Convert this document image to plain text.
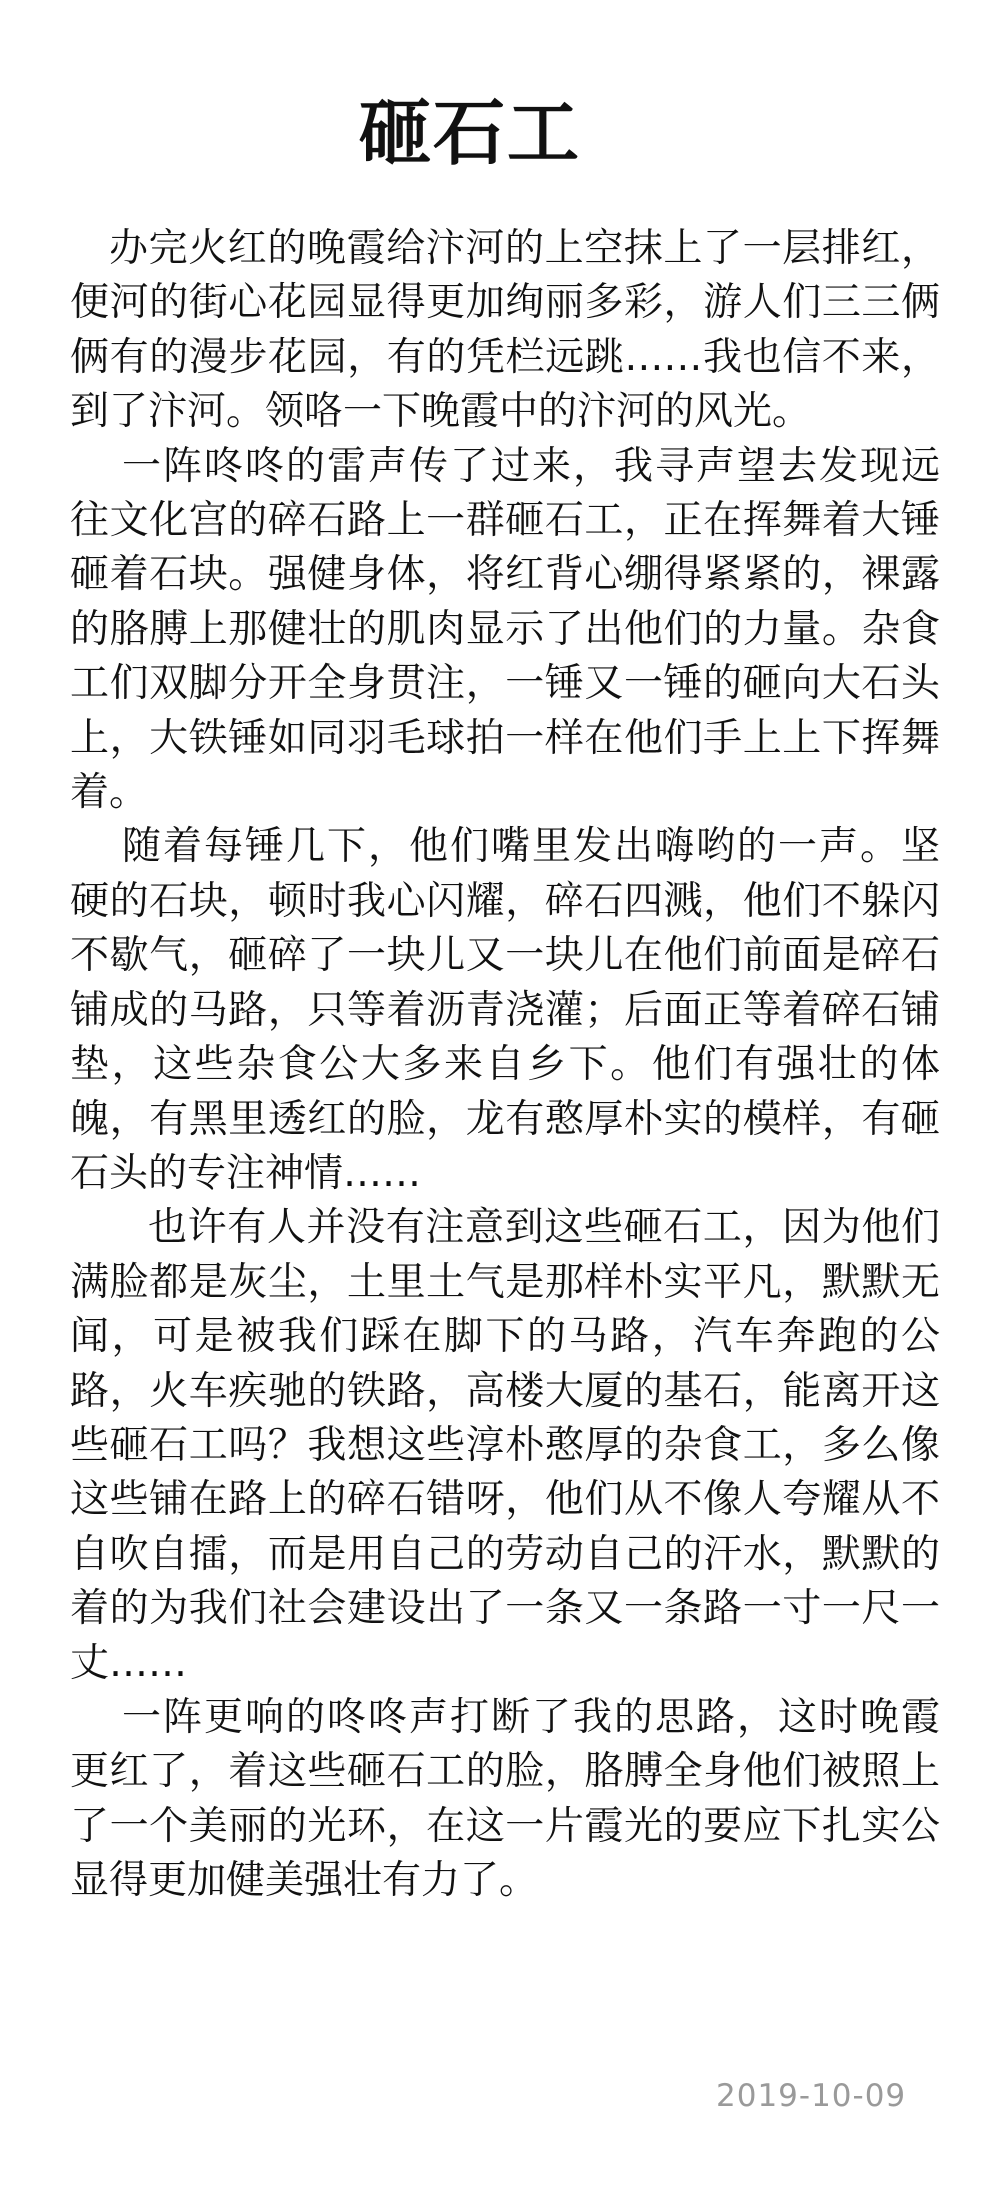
砸石工

办完火红的晚霞给汴河的上空抹上了一层排红，便河的街心花园显得更加绚丽多彩，游人们三三俩俩有的漫步花园，有的凭栏远跳……我也信不来，到了汴河。领咯一下晚霞中的汴河的风光。

一阵咚咚的雷声传了过来，我寻声望去发现远往文化宫的碎石路上一群砸石工，正在挥舞着大锤砸着石块。强健身体，将红背心绷得紧紧的，裸露的胳膊上那健壮的肌肉显示了出他们的力量。杂食工们双脚分开全身贯注，一锤又一锤的砸向大石头上，大铁锤如同羽毛球拍一样在他们手上上下挥舞着。

随着每锤几下，他们嘴里发出嗨哟的一声。坚硬的石块，顿时我心闪耀，碎石四溅，他们不躲闪不歇气，砸碎了一块儿又一块儿在他们前面是碎石铺成的马路，只等着沥青浇灌；后面正等着碎石铺垫，这些杂食公大多来自乡下。他们有强壮的体魄，有黑里透红的脸，龙有憨厚朴实的模样，有砸石头的专注神情……

也许有人并没有注意到这些砸石工，因为他们满脸都是灰尘，土里土气是那样朴实平凡，默默无闻，可是被我们踩在脚下的马路，汽车奔跑的公路，火车疾驰的铁路，高楼大厦的基石，能离开这些砸石工吗？我想这些淳朴憨厚的杂食工，多么像这些铺在路上的碎石错呀，他们从不像人夸耀从不自吹自擂，而是用自己的劳动自己的汗水，默默的着的为我们社会建设出了一条又一条路一寸一尺一丈……

一阵更响的咚咚声打断了我的思路，这时晚霞更红了，着这些砸石工的脸，胳膊全身他们被照上了一个美丽的光环，在这一片霞光的要应下扎实公显得更加健美强壮有力了。

2019-10-09
